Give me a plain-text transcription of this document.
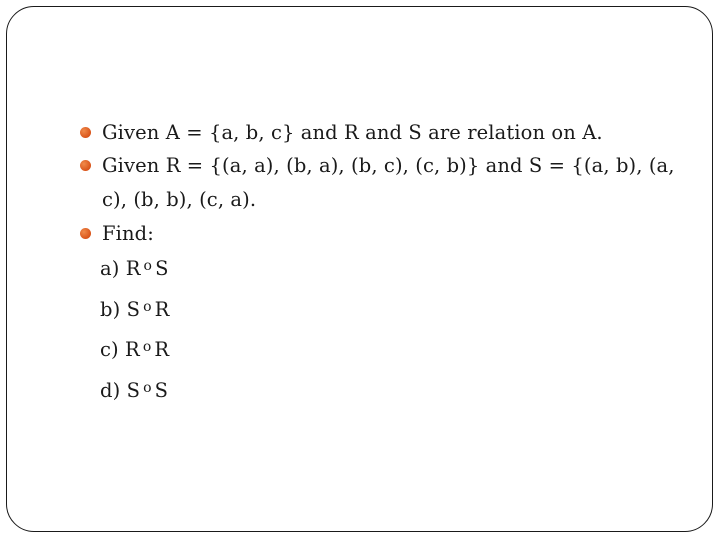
Given A = {a, b, c} and R and S are relation on A.
Given R = {(a, a), (b, a), (b, c), (c, b)} and S = {(a, b), (a,
c), (b, b), (c, a).
Find:
a) R $^o$ S
b) S $^o$ R
c) R $^o$ R
d) S $^o$ S
